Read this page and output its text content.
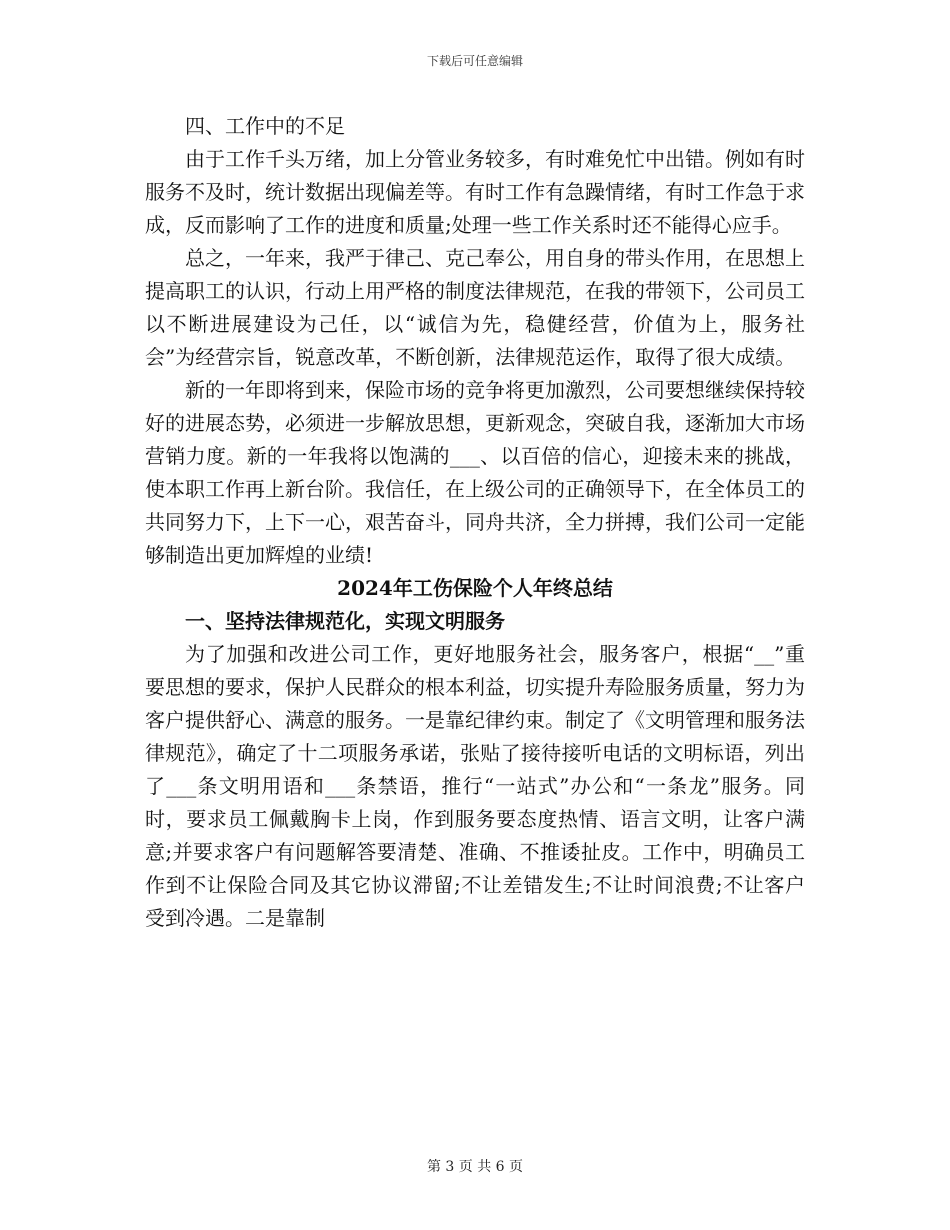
下载后可任意编辑

四、工作中的不足

由于工作千头万绪，加上分管业务较多，有时难免忙中出错。例如有时服务不及时，统计数据出现偏差等。有时工作有急躁情绪，有时工作急于求成，反而影响了工作的进度和质量;处理一些工作关系时还不能得心应手。

总之，一年来，我严于律己、克己奉公，用自身的带头作用，在思想上提高职工的认识，行动上用严格的制度法律规范，在我的带领下，公司员工以不断进展建设为己任，以“诚信为先，稳健经营，价值为上，服务社会”为经营宗旨，锐意改革，不断创新，法律规范运作，取得了很大成绩。

新的一年即将到来，保险市场的竞争将更加激烈，公司要想继续保持较好的进展态势，必须进一步解放思想，更新观念，突破自我，逐渐加大市场营销力度。新的一年我将以饱满的___、以百倍的信心，迎接未来的挑战，使本职工作再上新台阶。我信任，在上级公司的正确领导下，在全体员工的共同努力下，上下一心，艰苦奋斗，同舟共济，全力拼搏，我们公司一定能够制造出更加辉煌的业绩!

2024年工伤保险个人年终总结

一、坚持法律规范化，实现文明服务

为了加强和改进公司工作，更好地服务社会，服务客户，根据“__”重要思想的要求，保护人民群众的根本利益，切实提升寿险服务质量，努力为客户提供舒心、满意的服务。一是靠纪律约束。制定了《文明管理和服务法律规范》，确定了十二项服务承诺，张贴了接待接听电话的文明标语，列出了___条文明用语和___条禁语，推行“一站式”办公和“一条龙”服务。同时，要求员工佩戴胸卡上岗，作到服务要态度热情、语言文明，让客户满意;并要求客户有问题解答要清楚、准确、不推诿扯皮。工作中，明确员工作到不让保险合同及其它协议滞留;不让差错发生;不让时间浪费;不让客户受到冷遇。二是靠制

第 3 页 共 6 页
